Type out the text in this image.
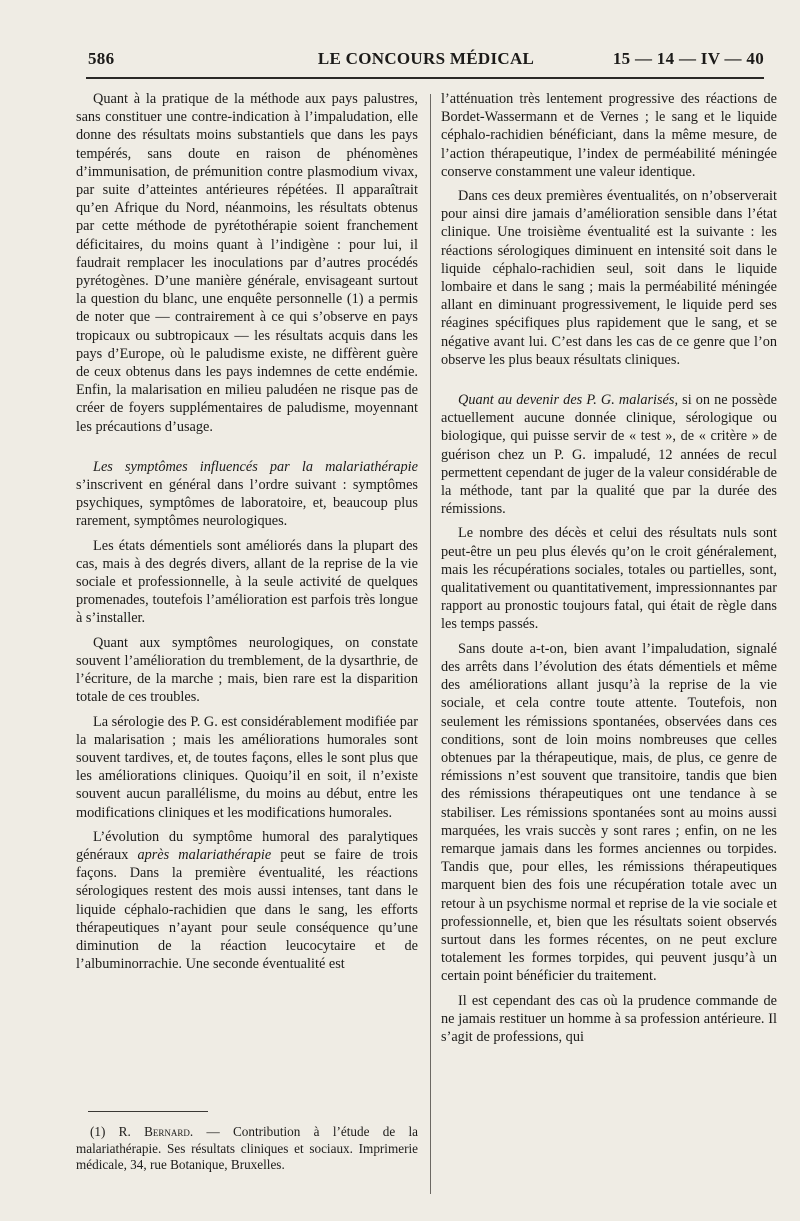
586	LE CONCOURS MÉDICAL	15 — 14 — IV — 40

Quant à la pratique de la méthode aux pays palustres, sans constituer une contre-indication à l’impaludation, elle donne des résultats moins substantiels que dans les pays tempérés, sans doute en raison de phénomènes d’immunisation, de prémunition contre plasmodium vivax, par suite d’atteintes antérieures répétées. Il apparaîtrait qu’en Afrique du Nord, néanmoins, les résultats obtenus par cette méthode de pyrétothérapie soient franchement déficitaires, du moins quant à l’indigène : pour lui, il faudrait remplacer les inoculations par d’autres procédés pyrétogènes. D’une manière générale, envisageant surtout la question du blanc, une enquête personnelle (1) a permis de noter que — contrairement à ce qui s’observe en pays tropicaux ou subtropicaux — les résultats acquis dans les pays d’Europe, où le paludisme existe, ne diffèrent guère de ceux obtenus dans les pays indemnes de cette endémie. Enfin, la malarisation en milieu paludéen ne risque pas de créer de foyers supplémentaires de paludisme, moyennant les précautions d’usage.

Les symptômes influencés par la malariathérapie s’inscrivent en général dans l’ordre suivant : symptômes psychiques, symptômes de laboratoire, et, beaucoup plus rarement, symptômes neurologiques.

Les états démentiels sont améliorés dans la plupart des cas, mais à des degrés divers, allant de la reprise de la vie sociale et professionnelle, à la seule activité de quelques promenades, toutefois l’amélioration est parfois très longue à s’installer.

Quant aux symptômes neurologiques, on constate souvent l’amélioration du tremblement, de la dysarthrie, de l’écriture, de la marche ; mais, bien rare est la disparition totale de ces troubles.

La sérologie des P. G. est considérablement modifiée par la malarisation ; mais les améliorations humorales sont souvent tardives, et, de toutes façons, elles le sont plus que les améliorations cliniques. Quoiqu’il en soit, il n’existe souvent aucun parallélisme, du moins au début, entre les modifications cliniques et les modifications humorales.

L’évolution du symptôme humoral des paralytiques généraux après malariathérapie peut se faire de trois façons. Dans la première éventualité, les réactions sérologiques restent des mois aussi intenses, tant dans le liquide céphalo-rachidien que dans le sang, les efforts thérapeutiques n’ayant pour seule conséquence qu’une diminution de la réaction leucocytaire et de l’albuminorrachie. Une seconde éventualité est

(1) R. Bernard. — Contribution à l’étude de la malariathérapie. Ses résultats cliniques et sociaux. Imprimerie médicale, 34, rue Botanique, Bruxelles.

l’atténuation très lentement progressive des réactions de Bordet-Wassermann et de Vernes ; le sang et le liquide céphalo-rachidien bénéficiant, dans la même mesure, de l’action thérapeutique, l’index de perméabilité méningée conserve constamment une valeur identique.

Dans ces deux premières éventualités, on n’observerait pour ainsi dire jamais d’amélioration sensible dans l’état clinique. Une troisième éventualité est la suivante : les réactions sérologiques diminuent en intensité soit dans le liquide céphalo-rachidien seul, soit dans le liquide lombaire et dans le sang ; mais la perméabilité méningée allant en diminuant progressivement, le liquide perd ses réagines spécifiques plus rapidement que le sang, et se négative avant lui. C’est dans les cas de ce genre que l’on observe les plus beaux résultats cliniques.

Quant au devenir des P. G. malarisés, si on ne possède actuellement aucune donnée clinique, sérologique ou biologique, qui puisse servir de « test », de « critère » de guérison chez un P. G. impaludé, 12 années de recul permettent cependant de juger de la valeur considérable de la méthode, tant par la qualité que par la durée des rémissions.

Le nombre des décès et celui des résultats nuls sont peut-être un peu plus élevés qu’on le croit généralement, mais les récupérations sociales, totales ou partielles, sont, qualitativement ou quantitativement, impressionnantes par rapport au pronostic toujours fatal, qui était de règle dans les temps passés.

Sans doute a-t-on, bien avant l’impaludation, signalé des arrêts dans l’évolution des états démentiels et même des améliorations allant jusqu’à la reprise de la vie sociale, et cela contre toute attente. Toutefois, non seulement les rémissions spontanées, observées dans ces conditions, sont de loin moins nombreuses que celles obtenues par la thérapeutique, mais, de plus, ce genre de rémissions n’est souvent que transitoire, tandis que bien des rémissions thérapeutiques ont une tendance à se stabiliser. Les rémissions spontanées sont au moins aussi marquées, les vrais succès y sont rares ; enfin, on ne les remarque jamais dans les formes anciennes ou torpides. Tandis que, pour elles, les rémissions thérapeutiques marquent bien des fois une récupération totale avec un retour à un psychisme normal et reprise de la vie sociale et professionnelle, et, bien que les résultats soient observés surtout dans les formes récentes, on ne peut exclure totalement les formes torpides, qui peuvent jusqu’à un certain point bénéficier du traitement.

Il est cependant des cas où la prudence commande de ne jamais restituer un homme à sa profession antérieure. Il s’agit de professions, qui
